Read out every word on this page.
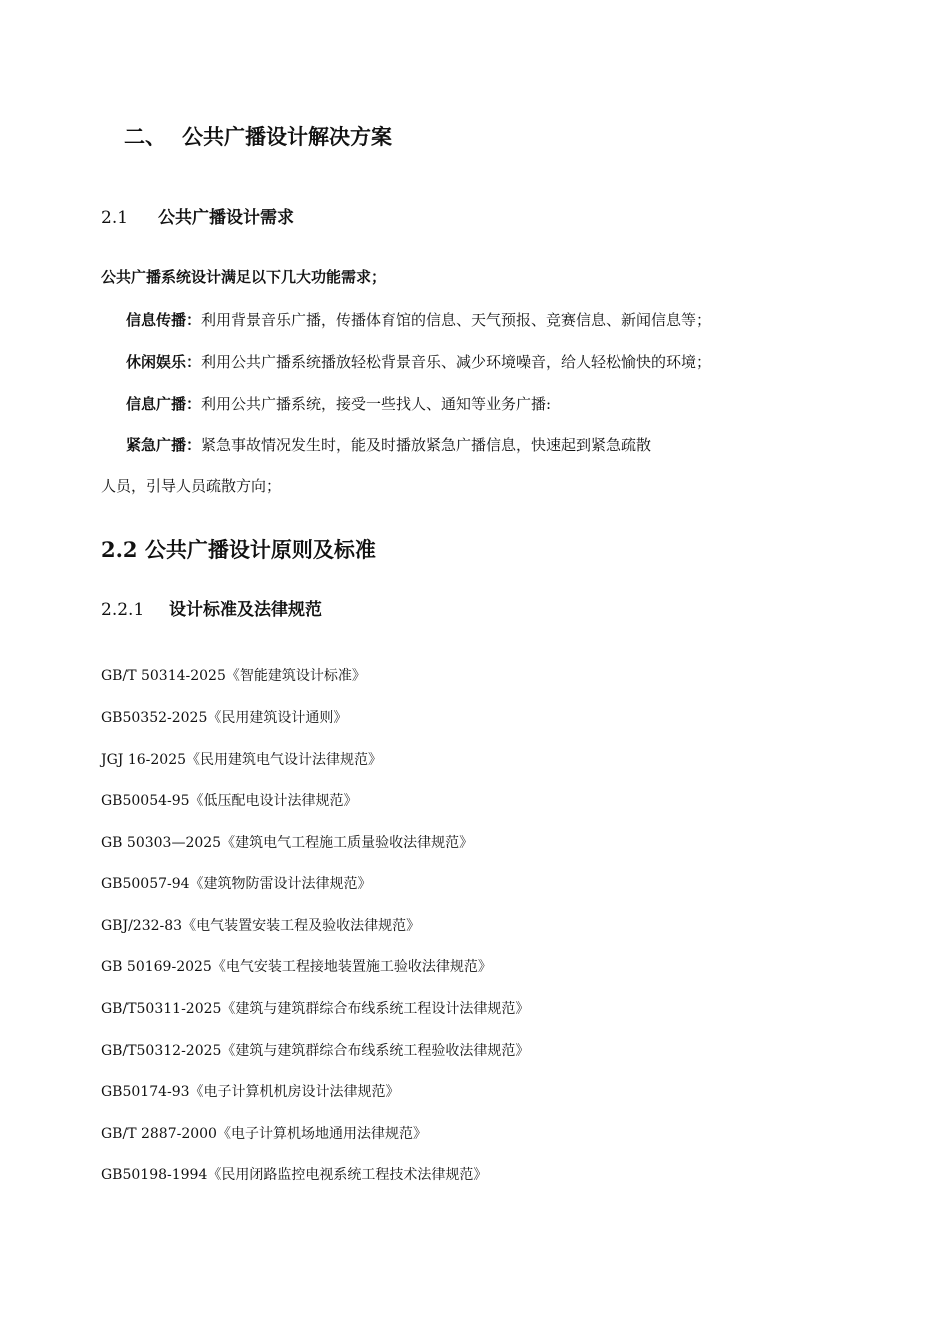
二、 公共广播设计解决方案
2.1 公共广播设计需求
公共广播系统设计满足以下几大功能需求；
信息传播：利用背景音乐广播，传播体育馆的信息、天气预报、竞赛信息、新闻信息等；
休闲娱乐：利用公共广播系统播放轻松背景音乐、减少环境噪音，给人轻松愉快的环境；
信息广播：利用公共广播系统，接受一些找人、通知等业务广播:
紧急广播：紧急事故情况发生时，能及时播放紧急广播信息，快速起到紧急疏散
人员，引导人员疏散方向；
2.2 公共广播设计原则及标准
2.2.1 设计标准及法律规范
GB/T 50314-2025《智能建筑设计标准》
GB50352-2025《民用建筑设计通则》
JGJ 16-2025《民用建筑电气设计法律规范》
GB50054-95《低压配电设计法律规范》
GB 50303—2025《建筑电气工程施工质量验收法律规范》
GB50057-94《建筑物防雷设计法律规范》
GBJ/232-83《电气装置安装工程及验收法律规范》
GB 50169-2025《电气安装工程接地装置施工验收法律规范》
GB/T50311-2025《建筑与建筑群综合布线系统工程设计法律规范》
GB/T50312-2025《建筑与建筑群综合布线系统工程验收法律规范》
GB50174-93《电子计算机机房设计法律规范》
GB/T 2887-2000《电子计算机场地通用法律规范》
GB50198-1994《民用闭路监控电视系统工程技术法律规范》
